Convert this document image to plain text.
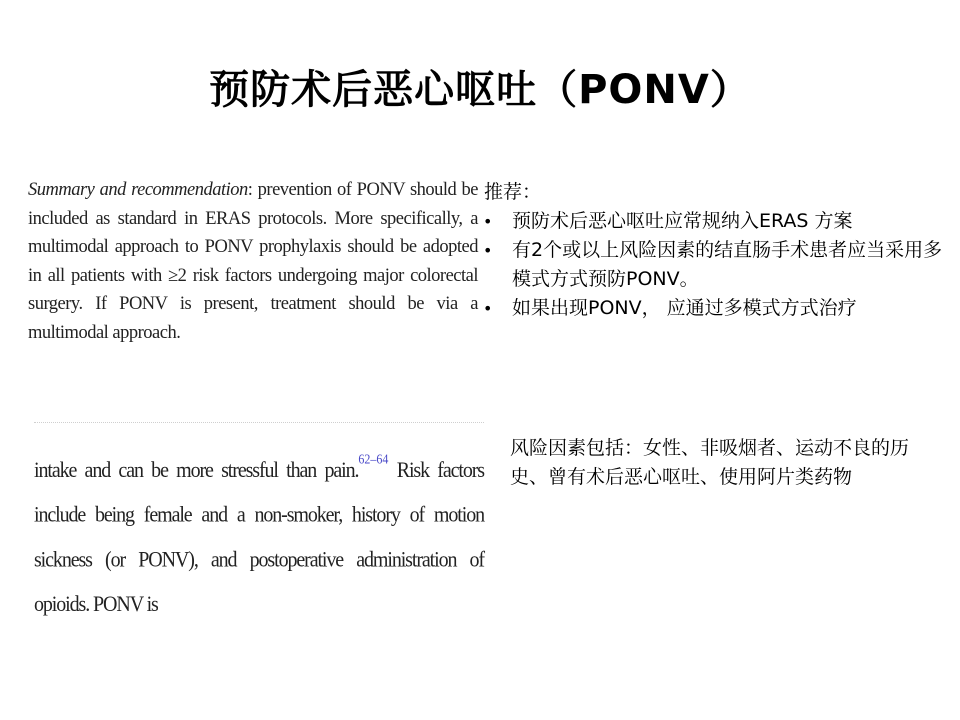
预防术后恶心呕吐（PONV）

Summary and recommendation: prevention of PONV should be included as standard in ERAS protocols. More specifically, a multimodal approach to PONV prophylaxis should be adopted in all patients with ≥2 risk factors undergoing major colorectal surgery. If PONV is present, treatment should be via a multimodal approach.

推荐：
• 预防术后恶心呕吐应常规纳入ERAS 方案
• 有2个或以上风险因素的结直肠手术患者应当采用多模式方式预防PONV。
• 如果出现PONV， 应通过多模式方式治疗

intake and can be more stressful than pain.$^{62-64}$ Risk factors include being female and a non-smoker, history of motion sickness (or PONV), and postoperative administration of opioids. PONV is

风险因素包括：女性、非吸烟者、运动不良的历史、曾有术后恶心呕吐、使用阿片类药物
